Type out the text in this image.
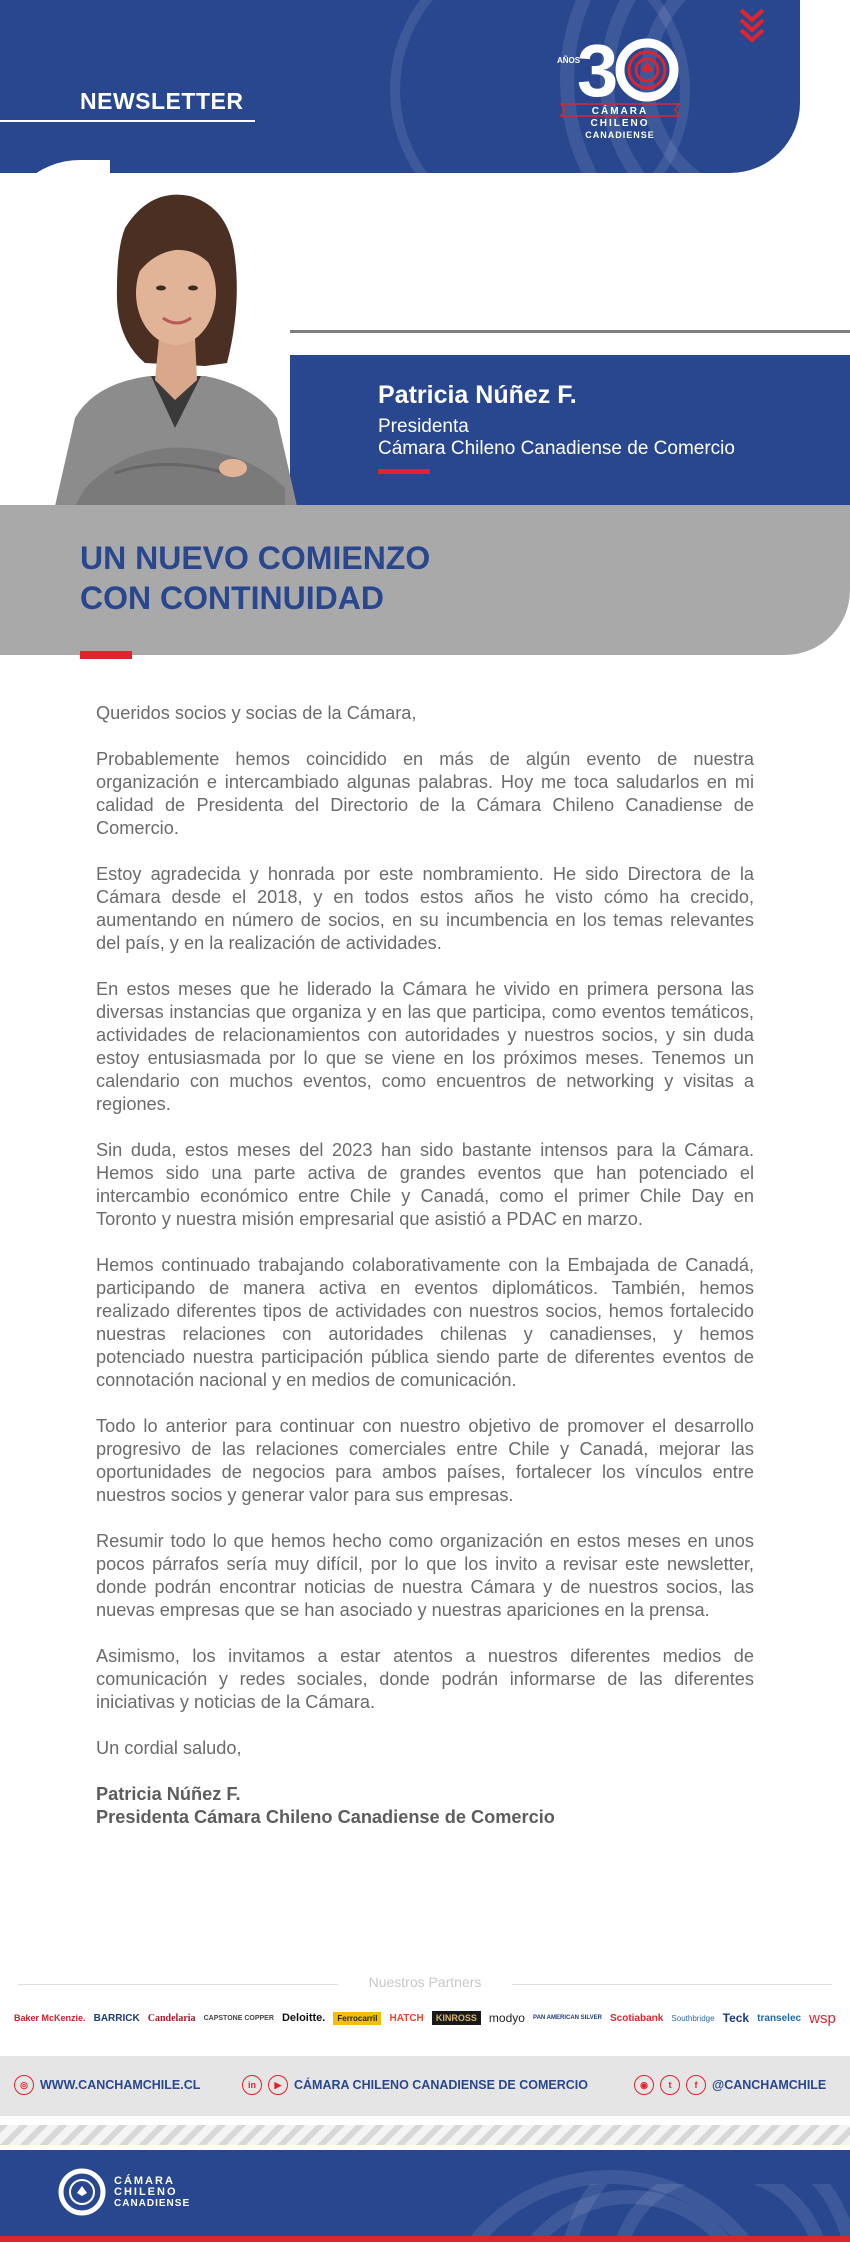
NEWSLETTER
AÑOS
3
CÁMARA
CHILENO
CANADIENSE
Patricia Núñez F.
Presidenta
Cámara Chileno Canadiense de Comercio
UN NUEVO COMIENZO
CON CONTINUIDAD

Queridos socios y socias de la Cámara,

Probablemente hemos coincidido en más de algún evento de nuestra organización e intercambiado algunas palabras. Hoy me toca saludarlos en mi calidad de Presidenta del Directorio de la Cámara Chileno Canadiense de Comercio.

Estoy agradecida y honrada por este nombramiento. He sido Directora de la Cámara desde el 2018, y en todos estos años he visto cómo ha crecido, aumentando en número de socios, en su incumbencia en los temas relevantes del país, y en la realización de actividades.

En estos meses que he liderado la Cámara he vivido en primera persona las diversas instancias que organiza y en las que participa, como eventos temáticos, actividades de relacionamientos con autoridades y nuestros socios, y sin duda estoy entusiasmada por lo que se viene en los próximos meses. Tenemos un calendario con muchos eventos, como encuentros de networking y visitas a regiones.

Sin duda, estos meses del 2023 han sido bastante intensos para la Cámara. Hemos sido una parte activa de grandes eventos que han potenciado el intercambio económico entre Chile y Canadá, como el primer Chile Day en Toronto y nuestra misión empresarial que asistió a PDAC en marzo.

Hemos continuado trabajando colaborativamente con la Embajada de Canadá, participando de manera activa en eventos diplomáticos. También, hemos realizado diferentes tipos de actividades con nuestros socios, hemos fortalecido nuestras relaciones con autoridades chilenas y canadienses, y hemos potenciado nuestra participación pública siendo parte de diferentes eventos de connotación nacional y en medios de comunicación.

Todo lo anterior para continuar con nuestro objetivo de promover el desarrollo progresivo de las relaciones comerciales entre Chile y Canadá, mejorar las oportunidades de negocios para ambos países, fortalecer los vínculos entre nuestros socios y generar valor para sus empresas.

Resumir todo lo que hemos hecho como organización en estos meses en unos pocos párrafos sería muy difícil, por lo que los invito a revisar este newsletter, donde podrán encontrar noticias de nuestra Cámara y de nuestros socios, las nuevas empresas que se han asociado y nuestras apariciones en la prensa.

Asimismo, los invitamos a estar atentos a nuestros diferentes medios de comunicación y redes sociales, donde podrán informarse de las diferentes iniciativas y noticias de la Cámara.

Un cordial saludo,

Patricia Núñez F.
Presidenta Cámara Chileno Canadiense de Comercio
Nuestros Partners
Baker McKenzie. BARRICK Candelaria CAPSTONE COPPER Deloitte.	Ferrocarril	HATCH	KINROSS	modyo PAN AMERICAN SILVER Scotiabank Southbridge Teck transelec wsp
◎ WWW.CANCHAMCHILE.CL	in	▶	CÁMARA CHILENO CANADIENSE DE COMERCIO	◉	t	f	@CANCHAMCHILE
CÁMARA
CHILENO
CANADIENSE
